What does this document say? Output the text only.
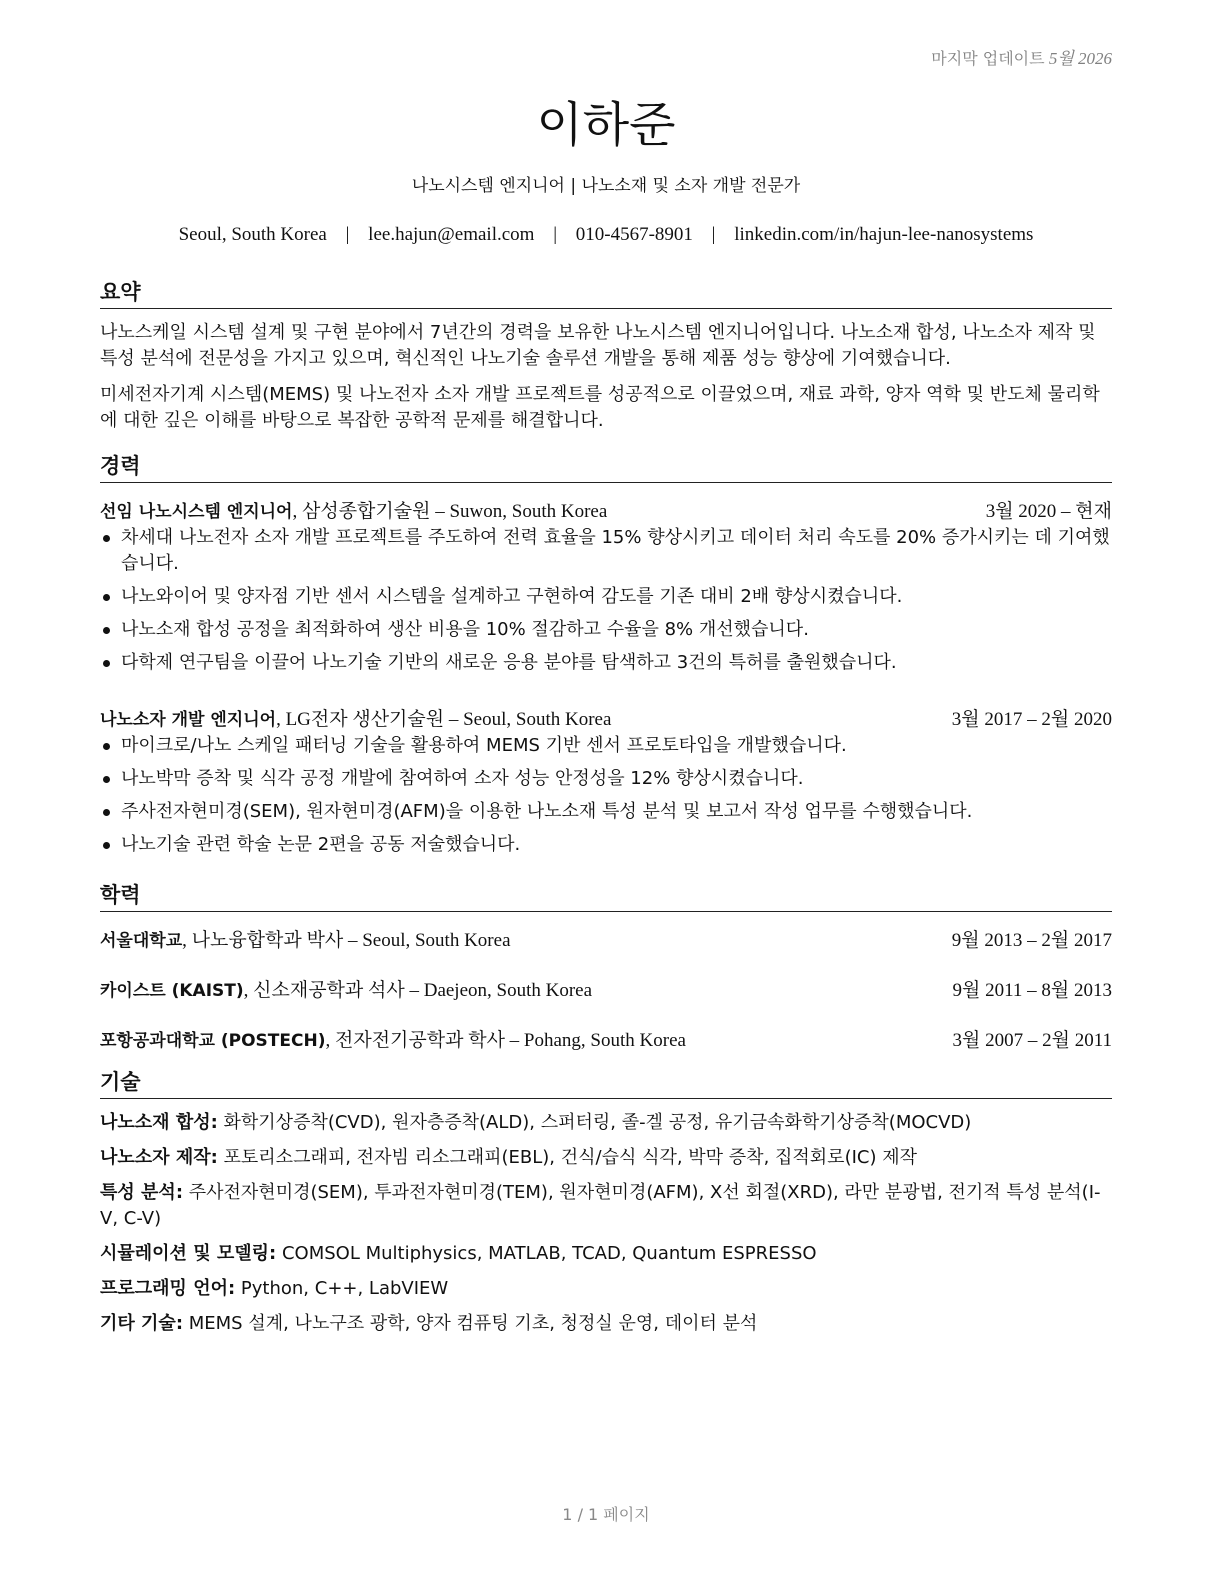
마지막 업데이트 5월 2026
이하준
나노시스템 엔지니어 | 나노소재 및 소자 개발 전문가
Seoul, South Korea | lee.hajun@email.com | 010-4567-8901 | linkedin.com/in/hajun-lee-nanosystems
요약
나노스케일 시스템 설계 및 구현 분야에서 7년간의 경력을 보유한 나노시스템 엔지니어입니다. 나노소재 합성, 나노소자 제작 및 특성 분석에 전문성을 가지고 있으며, 혁신적인 나노기술 솔루션 개발을 통해 제품 성능 향상에 기여했습니다.
미세전자기계 시스템(MEMS) 및 나노전자 소자 개발 프로젝트를 성공적으로 이끌었으며, 재료 과학, 양자 역학 및 반도체 물리학에 대한 깊은 이해를 바탕으로 복잡한 공학적 문제를 해결합니다.
경력
선임 나노시스템 엔지니어, 삼성종합기술원 – Suwon, South Korea	3월 2020 – 현재
차세대 나노전자 소자 개발 프로젝트를 주도하여 전력 효율을 15% 향상시키고 데이터 처리 속도를 20% 증가시키는 데 기여했습니다.
나노와이어 및 양자점 기반 센서 시스템을 설계하고 구현하여 감도를 기존 대비 2배 향상시켰습니다.
나노소재 합성 공정을 최적화하여 생산 비용을 10% 절감하고 수율을 8% 개선했습니다.
다학제 연구팀을 이끌어 나노기술 기반의 새로운 응용 분야를 탐색하고 3건의 특허를 출원했습니다.
나노소자 개발 엔지니어, LG전자 생산기술원 – Seoul, South Korea	3월 2017 – 2월 2020
마이크로/나노 스케일 패터닝 기술을 활용하여 MEMS 기반 센서 프로토타입을 개발했습니다.
나노박막 증착 및 식각 공정 개발에 참여하여 소자 성능 안정성을 12% 향상시켰습니다.
주사전자현미경(SEM), 원자현미경(AFM)을 이용한 나노소재 특성 분석 및 보고서 작성 업무를 수행했습니다.
나노기술 관련 학술 논문 2편을 공동 저술했습니다.
학력
서울대학교, 나노융합학과 박사 – Seoul, South Korea	9월 2013 – 2월 2017
카이스트 (KAIST), 신소재공학과 석사 – Daejeon, South Korea	9월 2011 – 8월 2013
포항공과대학교 (POSTECH), 전자전기공학과 학사 – Pohang, South Korea	3월 2007 – 2월 2011
기술
나노소재 합성: 화학기상증착(CVD), 원자층증착(ALD), 스퍼터링, 졸-겔 공정, 유기금속화학기상증착(MOCVD)
나노소자 제작: 포토리소그래피, 전자빔 리소그래피(EBL), 건식/습식 식각, 박막 증착, 집적회로(IC) 제작
특성 분석: 주사전자현미경(SEM), 투과전자현미경(TEM), 원자현미경(AFM), X선 회절(XRD), 라만 분광법, 전기적 특성 분석(I-V, C-V)
시뮬레이션 및 모델링: COMSOL Multiphysics, MATLAB, TCAD, Quantum ESPRESSO
프로그래밍 언어: Python, C++, LabVIEW
기타 기술: MEMS 설계, 나노구조 광학, 양자 컴퓨팅 기초, 청정실 운영, 데이터 분석
1 / 1 페이지
